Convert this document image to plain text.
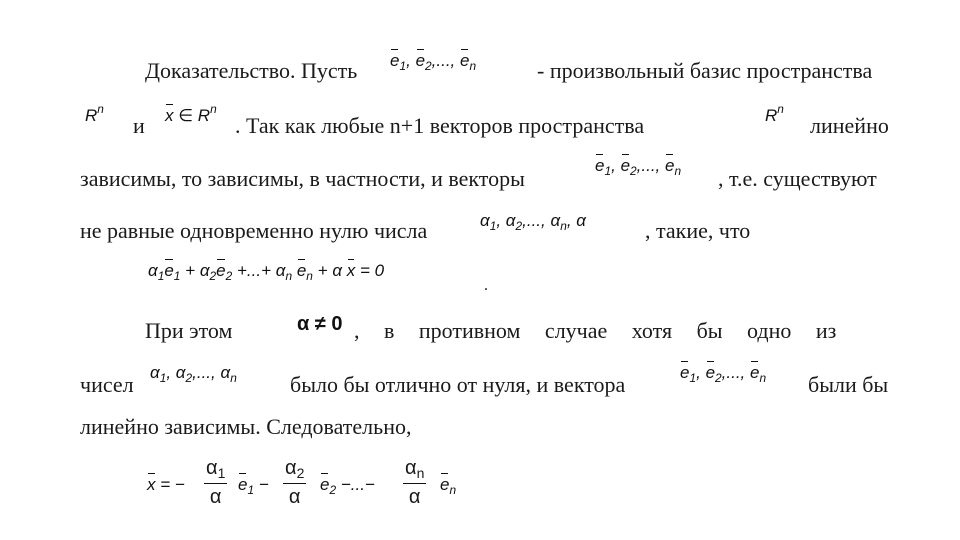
Доказательство. Пусть $e_1$, $e_2$,..., $e_n$	- произвольный базис пространства
$R^n$
и x ∈ $R^n$
. Так как любые n+1 векторов пространства	$R^n$
линейно
зависимы, то зависимы, в частности, и векторы
$e_1$, $e_2$,..., $e_n$ , т.е. существуют
не равные одновременно нулю числа	$\alpha_1$, $\alpha_2$,..., $\alpha_n$, α	, такие, что
$\alpha_1e_1 + \alpha_2e_2$ +...+ $\alpha_n$ $e_n + \alpha$ x = 0
.
При этом	α ≠ 0 , в противном случае хотя бы одно из
чисел $\alpha_1$, $\alpha_2$,..., $\alpha_n$ было бы отлично от нуля, и вектора	$e_1$, $e_2$,..., $e_n$ были бы
линейно зависимы. Следовательно,
x = −
$\alpha_1$
α
$e_1$ −
$\alpha_2$
α
$e_2$ −...−
$\alpha_n$
α
$e_n$
